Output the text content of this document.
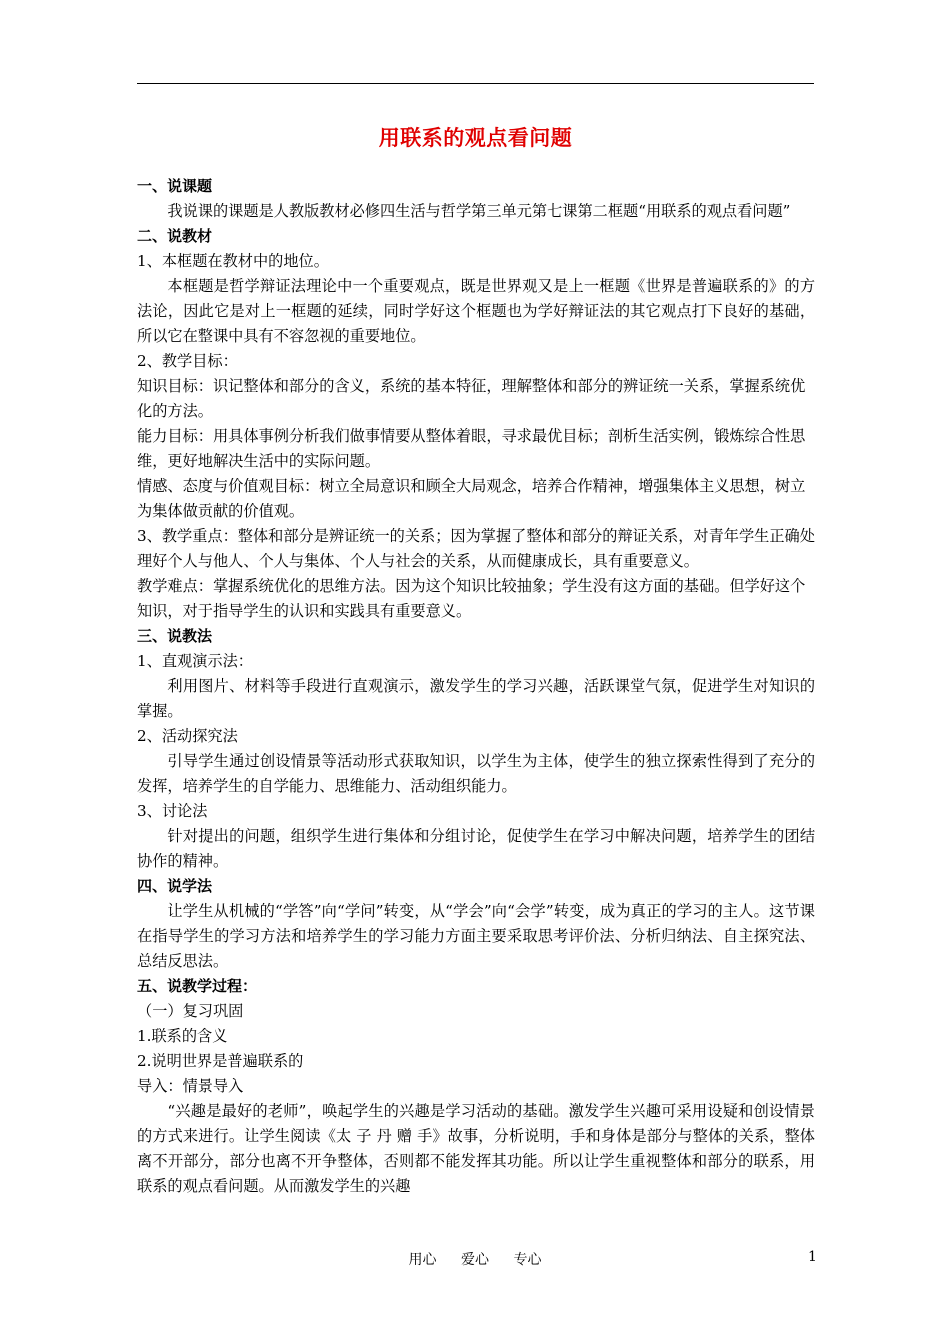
用联系的观点看问题

一、说课题

我说课的课题是人教版教材必修四生活与哲学第三单元第七课第二框题“用联系的观点看问题”

二、说教材

1、本框题在教材中的地位。

本框题是哲学辩证法理论中一个重要观点，既是世界观又是上一框题《世界是普遍联系的》的方法论，因此它是对上一框题的延续，同时学好这个框题也为学好辩证法的其它观点打下良好的基础，所以它在整课中具有不容忽视的重要地位。

2、教学目标：

知识目标：识记整体和部分的含义，系统的基本特征，理解整体和部分的辨证统一关系，掌握系统优化的方法。

能力目标：用具体事例分析我们做事情要从整体着眼，寻求最优目标；剖析生活实例，锻炼综合性思维，更好地解决生活中的实际问题。

情感、态度与价值观目标：树立全局意识和顾全大局观念，培养合作精神，增强集体主义思想，树立为集体做贡献的价值观。

3、教学重点：整体和部分是辨证统一的关系；因为掌握了整体和部分的辩证关系，对青年学生正确处理好个人与他人、个人与集体、个人与社会的关系，从而健康成长，具有重要意义。

教学难点：掌握系统优化的思维方法。因为这个知识比较抽象；学生没有这方面的基础。但学好这个知识，对于指导学生的认识和实践具有重要意义。

三、说教法

1、直观演示法：

利用图片、材料等手段进行直观演示，激发学生的学习兴趣，活跃课堂气氛，促进学生对知识的掌握。

2、活动探究法

引导学生通过创设情景等活动形式获取知识，以学生为主体，使学生的独立探索性得到了充分的发挥，培养学生的自学能力、思维能力、活动组织能力。

3、讨论法

针对提出的问题，组织学生进行集体和分组讨论，促使学生在学习中解决问题，培养学生的团结协作的精神。

四、说学法

让学生从机械的“学答”向“学问”转变，从“学会”向“会学”转变，成为真正的学习的主人。这节课在指导学生的学习方法和培养学生的学习能力方面主要采取思考评价法、分析归纳法、自主探究法、总结反思法。

五、说教学过程：

（一）复习巩固

1.联系的含义

2.说明世界是普遍联系的

导入：情景导入

“兴趣是最好的老师”，唤起学生的兴趣是学习活动的基础。激发学生兴趣可采用设疑和创设情景的方式来进行。让学生阅读《太 子 丹 赠 手》故事，分析说明，手和身体是部分与整体的关系，整体离不开部分，部分也离不开争整体，否则都不能发挥其功能。所以让学生重视整体和部分的联系，用联系的观点看问题。从而激发学生的兴趣

用心 爱心 专心	1
